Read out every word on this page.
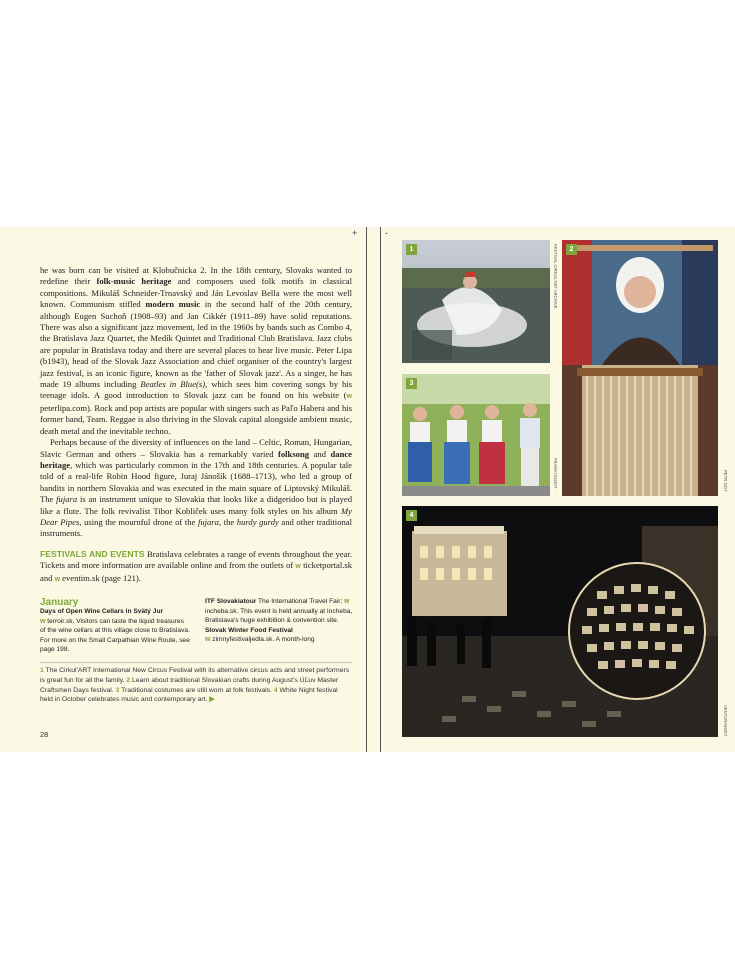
+	-

he was born can be visited at Klobučnicka 2. In the 18th century, Slovaks wanted to redefine their folk-music heritage and composers used folk motifs in classical compositions. Mikuláš Schneider-Trnavský and Ján Levoslav Bella were the most well known. Communism stifled modern music in the second half of the 20th century, although Eugen Suchoň (1908–93) and Jan Cikkér (1911–89) have solid reputations. There was also a significant jazz movement, led in the 1960s by bands such as Combo 4, the Bratislava Jazz Quartet, the Medík Quintet and Traditional Club Bratislava. Jazz clubs are popular in Bratislava today and there are several places to hear live music. Peter Lipa (b1943), head of the Slovak Jazz Association and chief organiser of the country's largest jazz festival, is an iconic figure, known as the 'father of Slovak jazz'. As a singer, he has made 19 albums including Beatles in Blue(s), which sees him covering songs by his teenage idols. A good introduction to Slovak jazz can be found on his website (w peterlipa.com). Rock and pop artists are popular with singers such as Paľo Habera and his former band, Team. Reggae is also thriving in the Slovak capital alongside ambient music, death metal and the inevitable techno.

Perhaps because of the diversity of influences on the land – Celtic, Roman, Hungarian, Slavic German and others – Slovakia has a remarkably varied folksong and dance heritage, which was particularly common in the 17th and 18th centuries. A popular tale told of a real-life Robin Hood figure, Juraj Jánošík (1688–1713), who led a group of bandits in northern Slovakia and was executed in the main square of Liptovský Mikuláš. The fujara is an instrument unique to Slovakia that looks like a didgeridoo but is played like a flute. The folk revivalist Tibor Kobliček uses many folk styles on his album My Dear Pipes, using the mournful drone of the fujara, the hurdy gurdy and other traditional instruments.

FESTIVALS AND EVENTS Bratislava celebrates a range of events throughout the year. Tickets and more information are available online and from the outlets of w ticketportal.sk and w eventim.sk (page 121).

January
Days of Open Wine Cellars in Svätý Jur
w terroir.sk. Visitors can taste the liquid treasures of the wine cellars at this village close to Bratislava. For more on the Small Carpathian Wine Route, see page 198.
ITF Slovakiatour The International Travel Fair; w incheba.sk. This event is held annually at Incheba, Bratislava's huge exhibition & convention site.
Slovak Winter Food Festival
w zimnyfestivaljedla.sk. A month-long
1 The Cirkul'ART International New Circus Festival with its alternative circus acts and street performers is great fun for all the family. 2 Learn about traditional Slovakian crafts during August's ÚĽuv Master Craftsmen Days festival. 3 Traditional costumes are still worn at folk festivals. 4 White Night festival held in October celebrates music and contemporary art. ▶
28
1	FESTIVAL CIRKUL'ART ARCHIVE	2
PETR S/DT
3
FRANKY242/DT
4
VENTURA69/DT
